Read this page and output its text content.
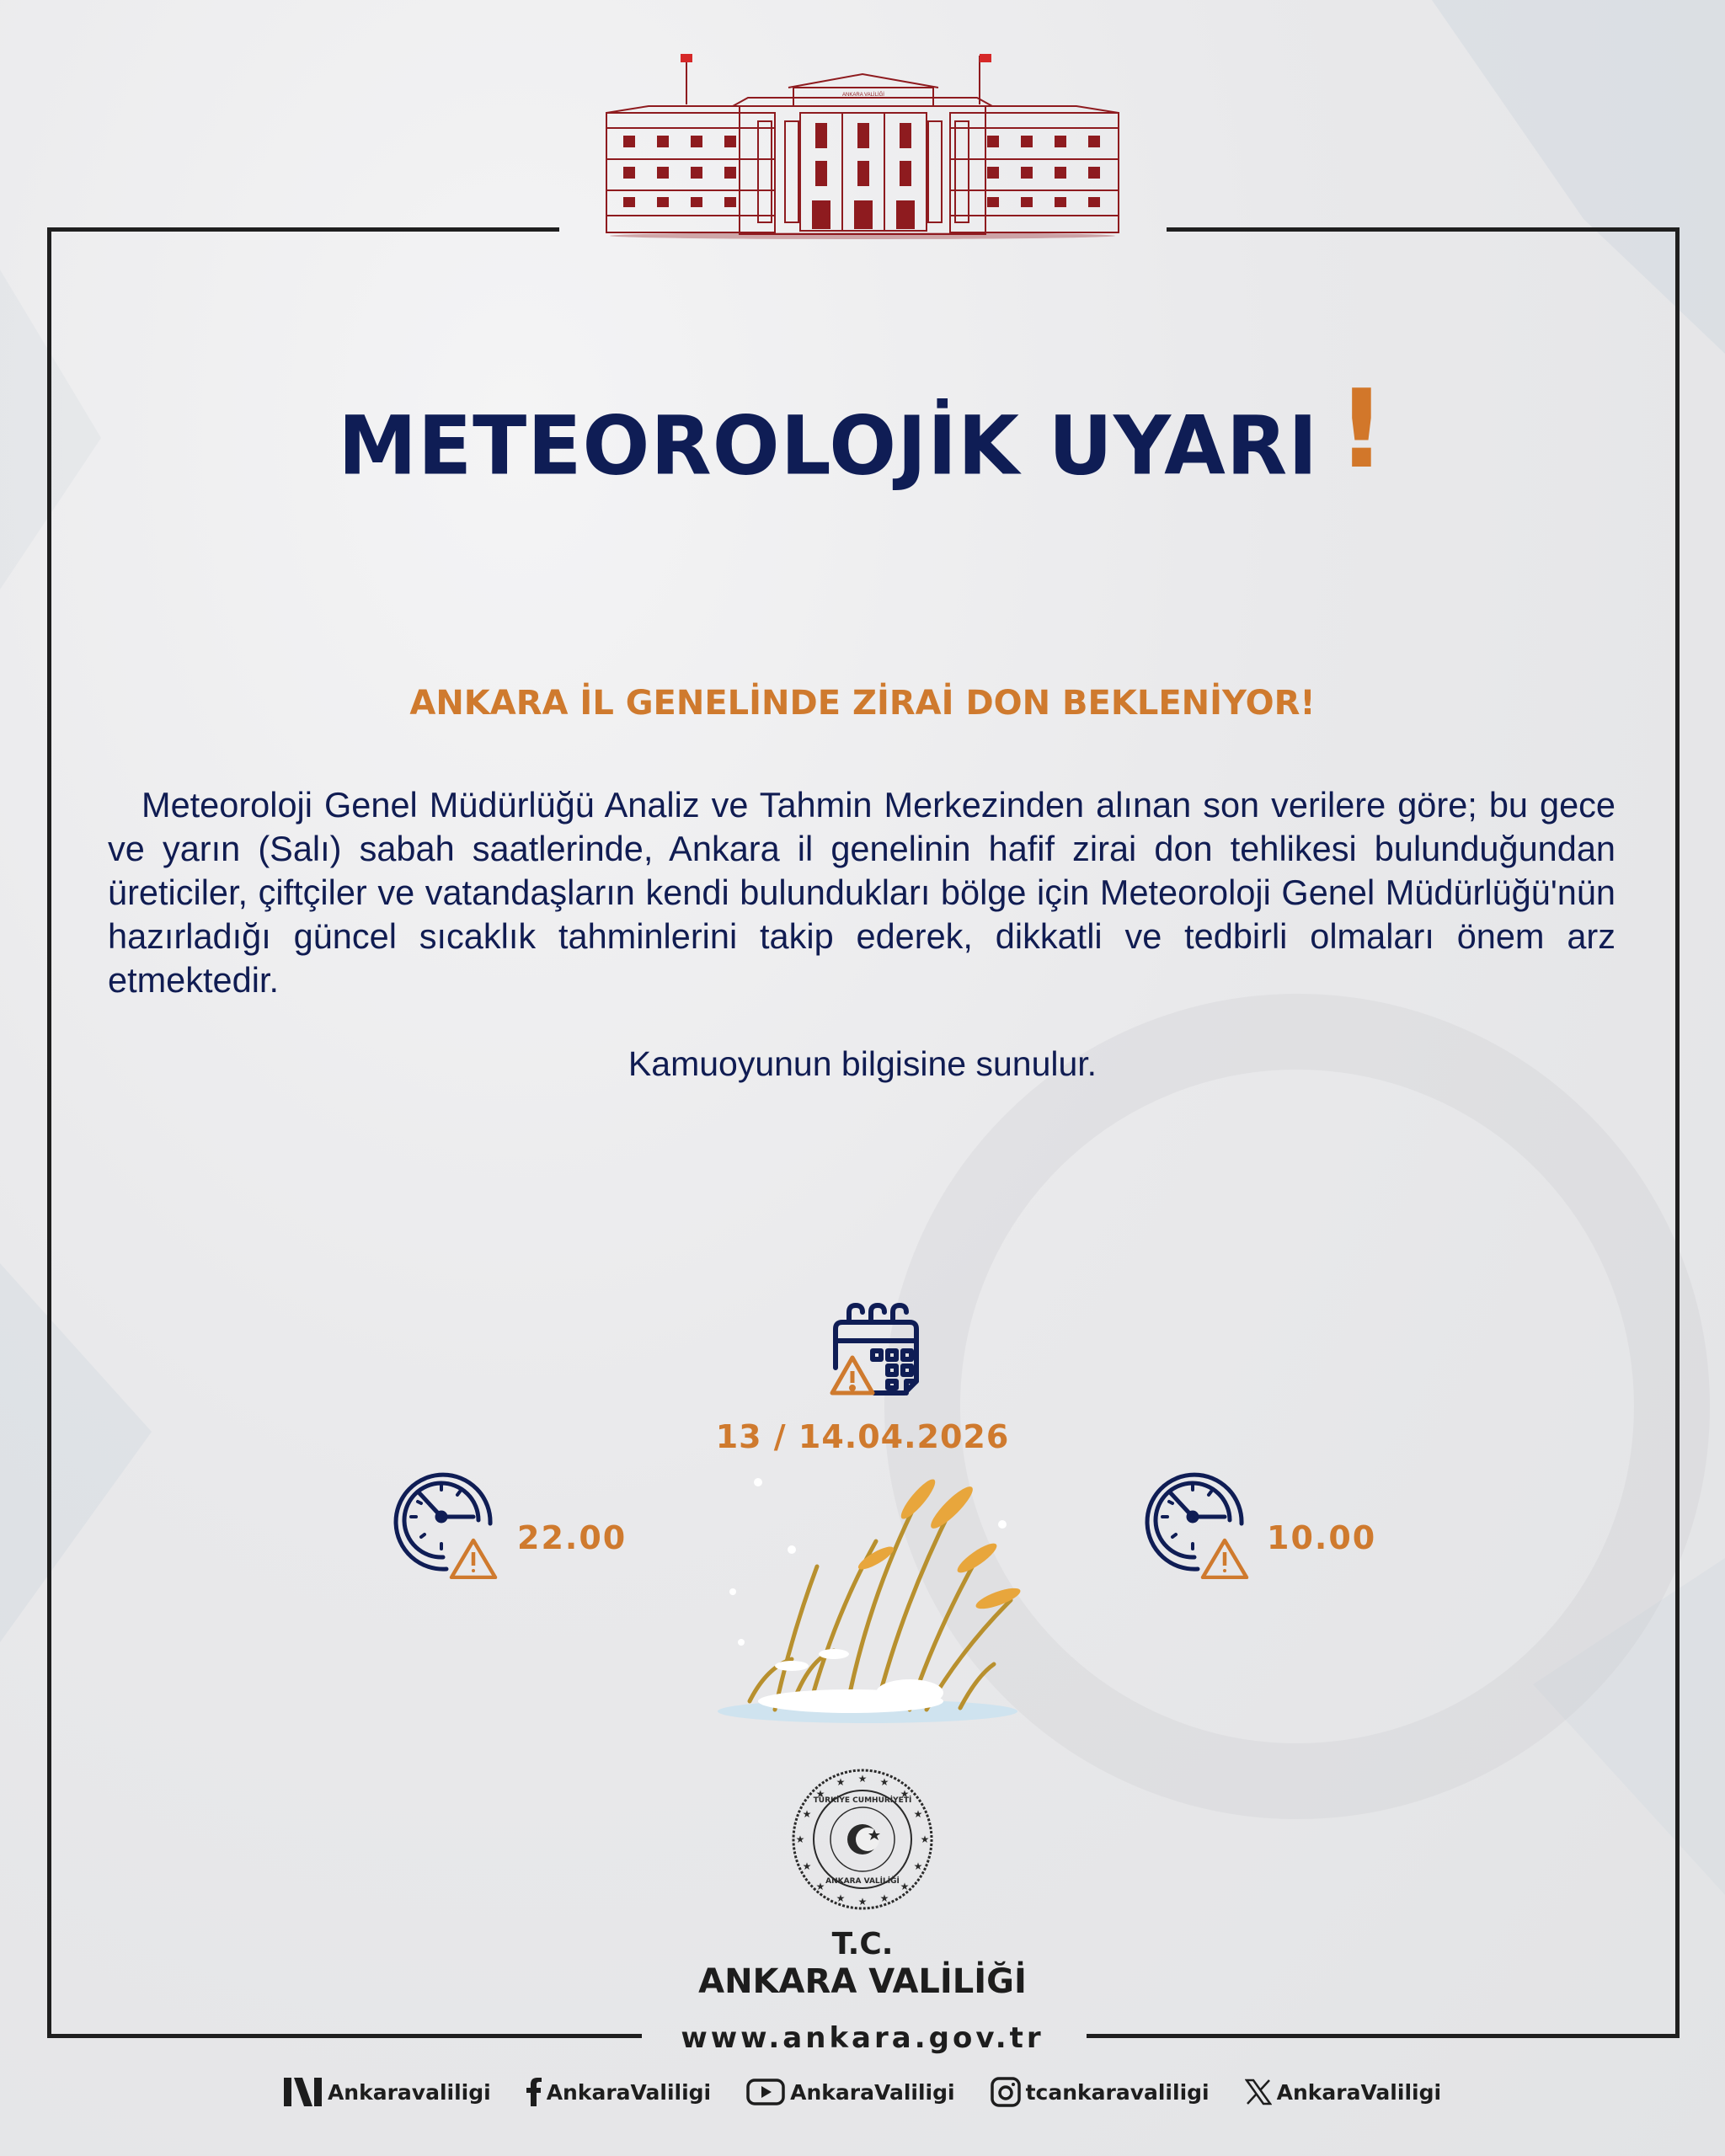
ANKARA VALİLİĞİ
METEOROLOJİK UYARI !
ANKARA İL GENELİNDE ZİRAİ DON BEKLENİYOR!
Meteoroloji Genel Müdürlüğü Analiz ve Tahmin Merkezinden alınan son verilere göre; bu gece ve yarın (Salı) sabah saatlerinde, Ankara il genelinin hafif zirai don tehlikesi bulunduğundan üreticiler, çiftçiler ve vatandaşların kendi bulundukları bölge için Meteoroloji Genel Müdürlüğü'nün hazırladığı güncel sıcaklık tahminlerini takip ederek, dikkatli ve tedbirli olmaları önem arz etmektedir.
Kamuoyunun bilgisine sunulur.
13 / 14.04.2026
22.00	10.00
TÜRKİYE CUMHURİYETİ
ANKARA VALİLİĞİ
★
★
★	★
★	★
★	★
★	★
★	★
★	★
★	★
T.C.
ANKARA VALİLİĞİ
www.ankara.gov.tr
Ankaravaliligi	AnkaraValiligi	AnkaraValiligi	tcankaravaliligi	AnkaraValiligi
